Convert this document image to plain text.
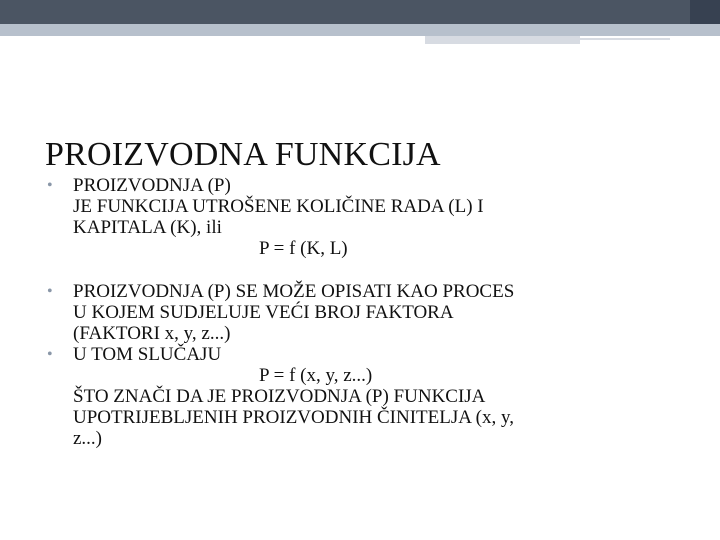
PROIZVODNA FUNKCIJA
• PROIZVODNJA (P)
JE FUNKCIJA UTROŠENE KOLIČINE RADA (L) I
KAPITALA (K), ili
P = f (K, L)
• PROIZVODNJA (P) SE MOŽE OPISATI KAO PROCES
U KOJEM SUDJELUJE VEĆI BROJ FAKTORA
(FAKTORI x, y, z...)
• U TOM SLUČAJU
P = f (x, y, z...)
ŠTO ZNAČI DA JE PROIZVODNJA (P) FUNKCIJA
UPOTRIJEBLJENIH PROIZVODNIH ČINITELJA (x, y,
z...)
